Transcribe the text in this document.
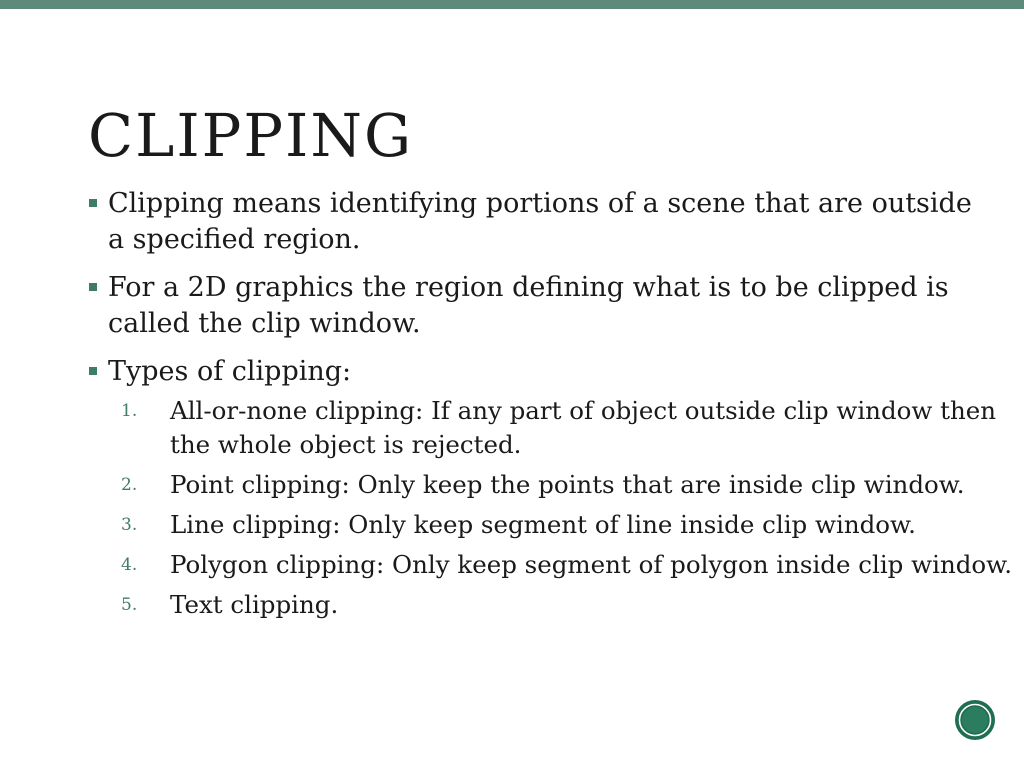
CLIPPING

Clipping means identifying portions of a scene that are outside a specified region.

For a 2D graphics the region defining what is to be clipped is called the clip window.

Types of clipping:

1. All-or-none clipping: If any part of object outside clip window then the whole object is rejected.
2. Point clipping: Only keep the points that are inside clip window.
3. Line clipping: Only keep segment of line inside clip window.
4. Polygon clipping: Only keep segment of polygon inside clip window.
5. Text clipping.
